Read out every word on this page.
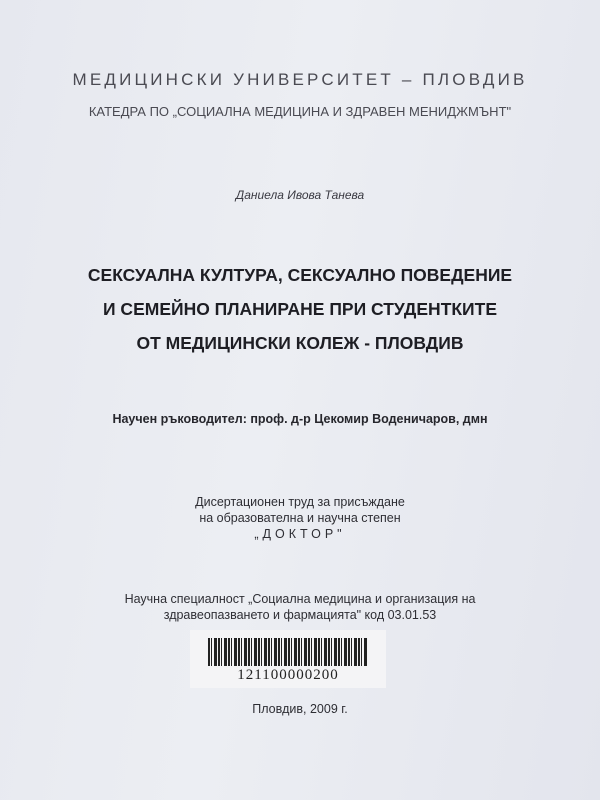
МЕДИЦИНСКИ УНИВЕРСИТЕТ – ПЛОВДИВ
КАТЕДРА ПО „СОЦИАЛНА МЕДИЦИНА И ЗДРАВЕН МЕНИДЖМЪНТ"
Даниела Ивова Танева
СЕКСУАЛНА КУЛТУРА, СЕКСУАЛНО ПОВЕДЕНИЕ
И СЕМЕЙНО ПЛАНИРАНЕ ПРИ СТУДЕНТКИТЕ
ОТ МЕДИЦИНСКИ КОЛЕЖ - ПЛОВДИВ
Научен ръководител: проф. д-р Цекомир Воденичаров, дмн
Дисертационен труд за присъждане
на образователна и научна степен
„ДОКТОР"
Научна специалност „Социална медицина и организация на
здравеопазването и фармацията" код 03.01.53
121100000200
Пловдив, 2009 г.
